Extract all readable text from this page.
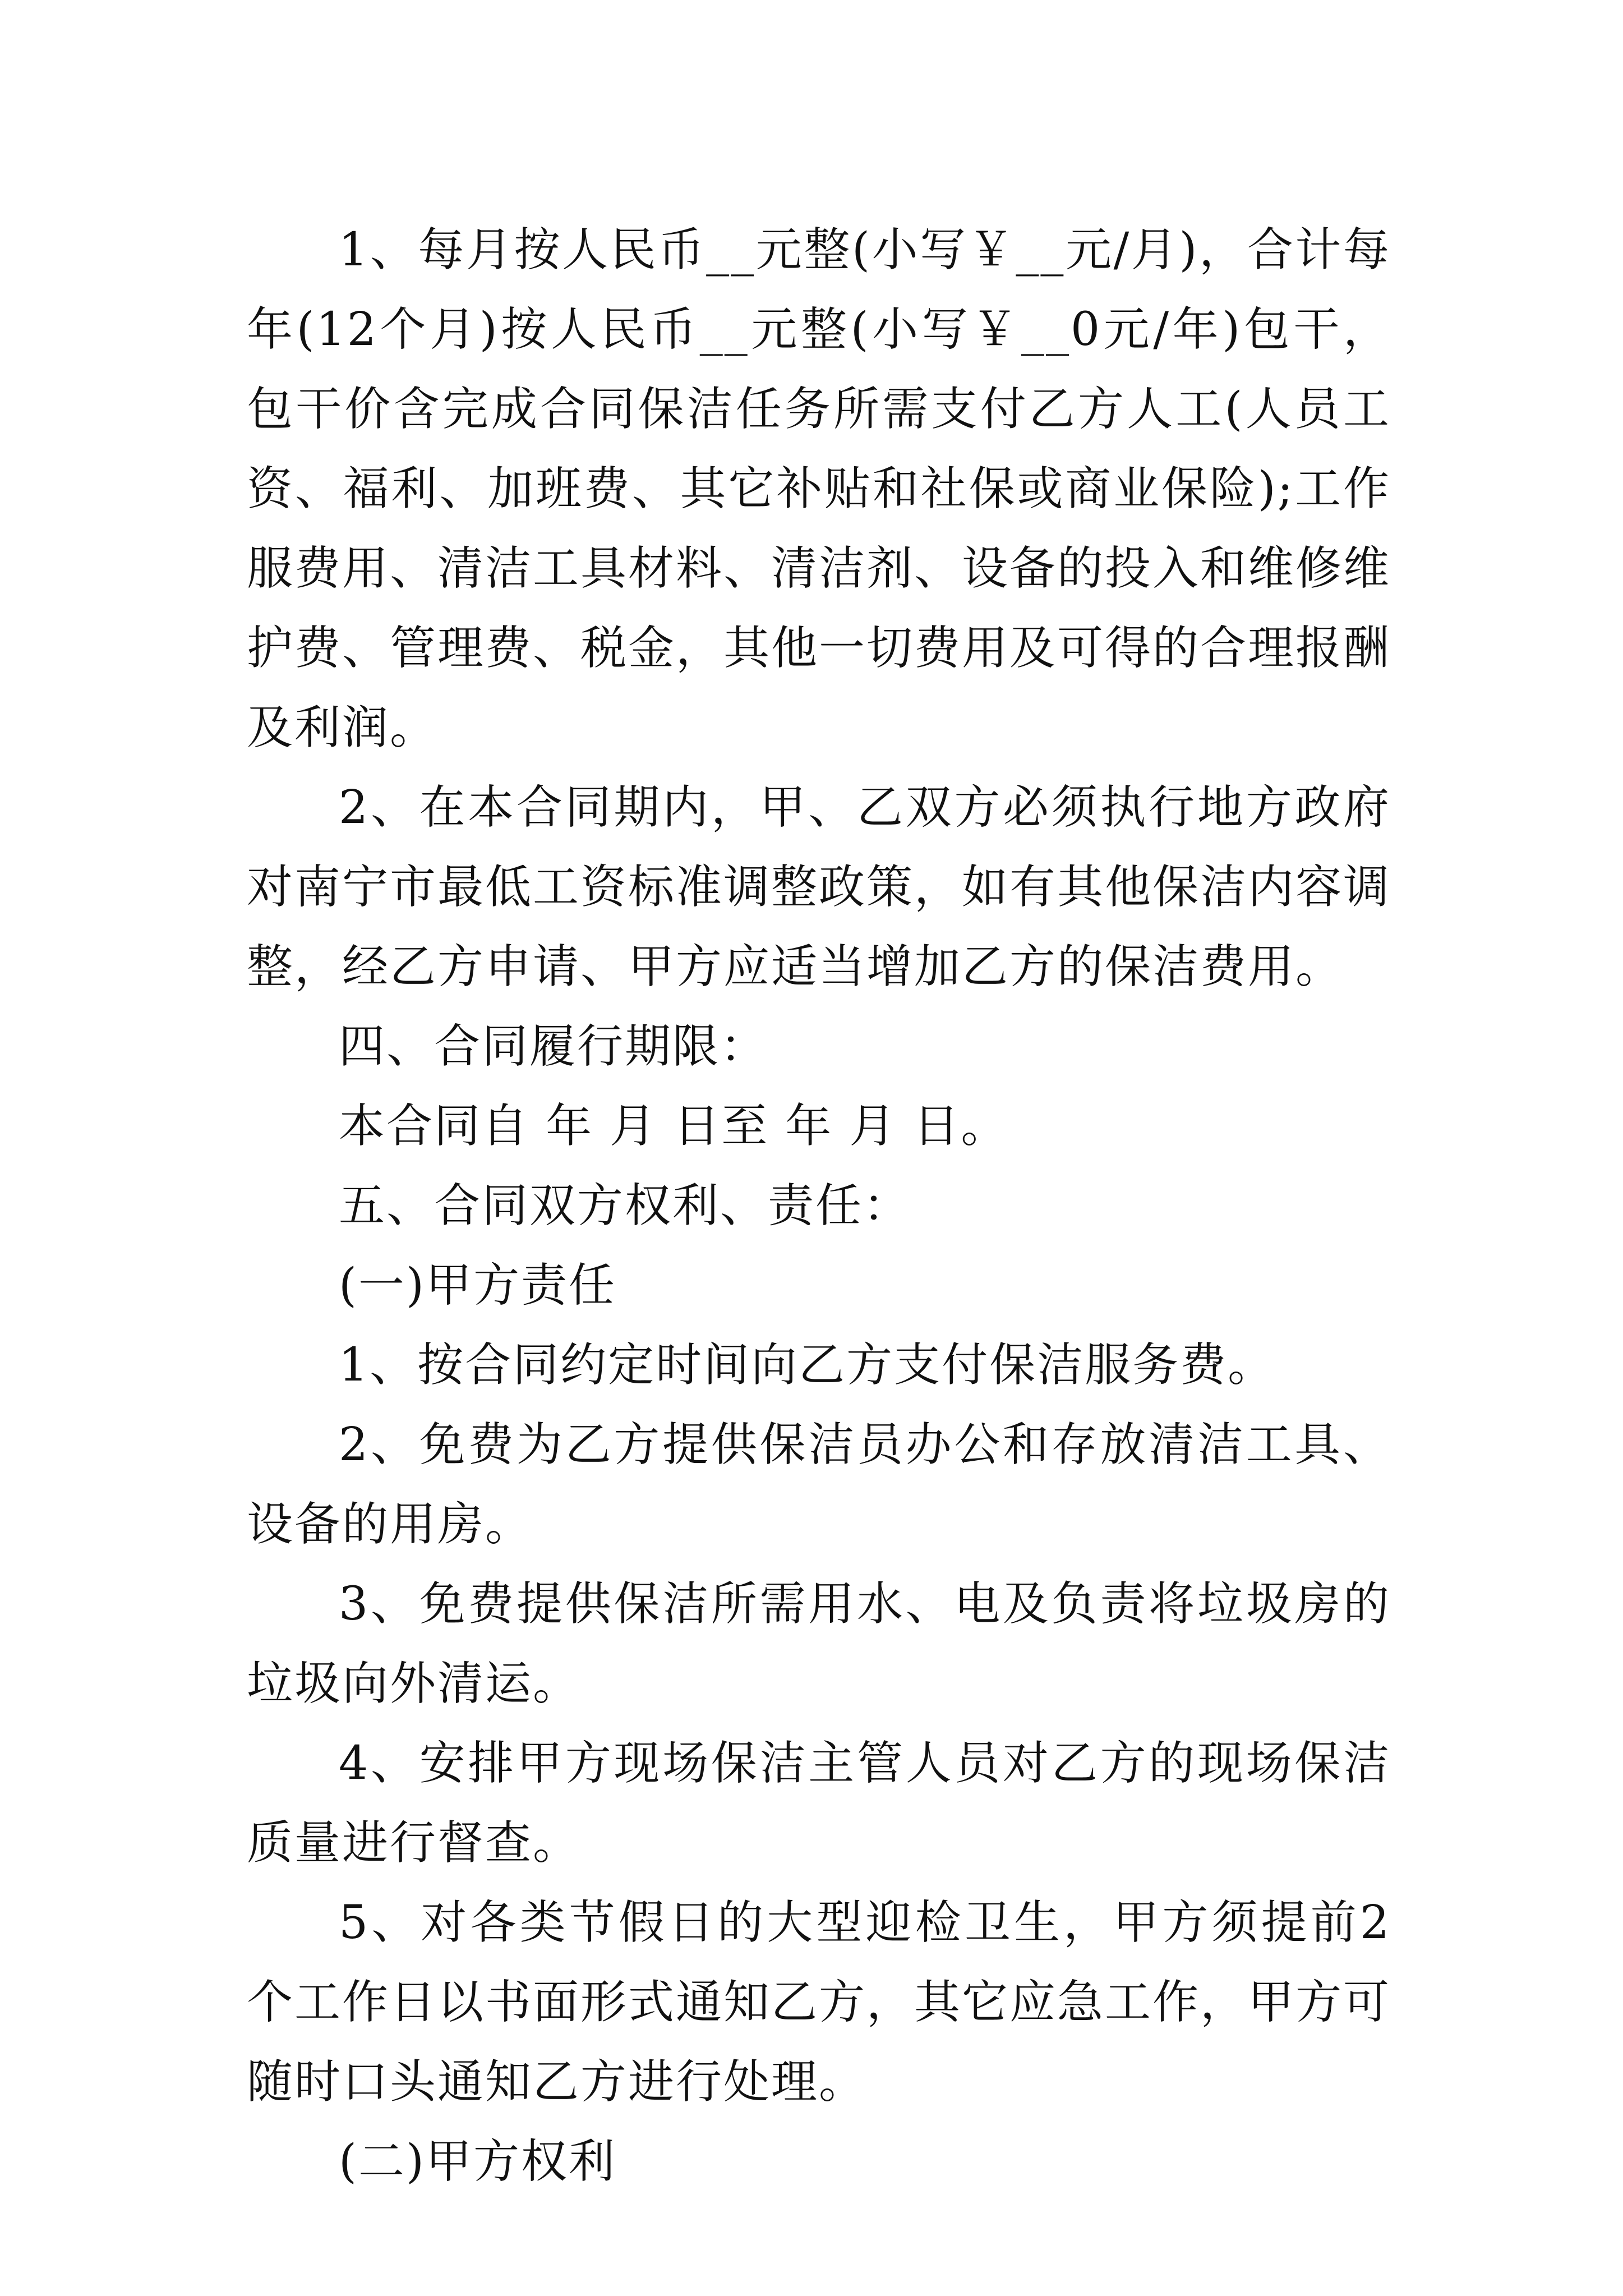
1、每月按人民币__元整(小写￥__元/月)，合计每年(12个月)按人民币__元整(小写￥__0元/年)包干，包干价含完成合同保洁任务所需支付乙方人工(人员工资、福利、加班费、其它补贴和社保或商业保险);工作服费用、清洁工具材料、清洁剂、设备的投入和维修维护费、管理费、税金，其他一切费用及可得的合理报酬及利润。

2、在本合同期内，甲、乙双方必须执行地方政府对南宁市最低工资标准调整政策，如有其他保洁内容调整，经乙方申请、甲方应适当增加乙方的保洁费用。

四、合同履行期限：

本合同自 年 月 日至 年 月 日。

五、合同双方权利、责任：

(一)甲方责任

1、按合同约定时间向乙方支付保洁服务费。

2、免费为乙方提供保洁员办公和存放清洁工具、设备的用房。

3、免费提供保洁所需用水、电及负责将垃圾房的垃圾向外清运。

4、安排甲方现场保洁主管人员对乙方的现场保洁质量进行督查。

5、对各类节假日的大型迎检卫生，甲方须提前2个工作日以书面形式通知乙方，其它应急工作，甲方可随时口头通知乙方进行处理。

(二)甲方权利
